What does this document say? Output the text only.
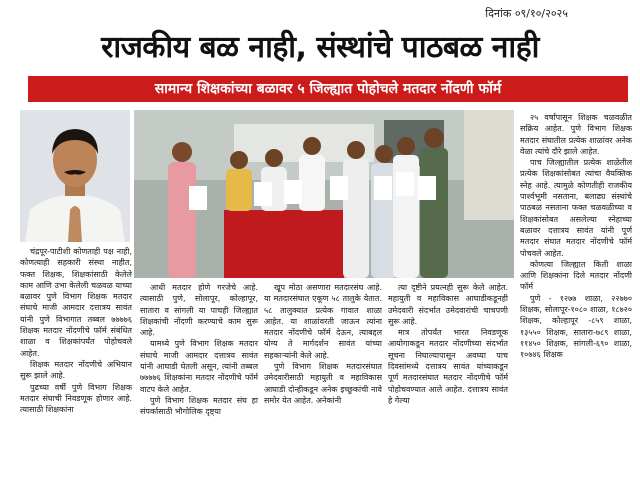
दिनांक ०९/१०/२०२५
राजकीय बळ नाही, संस्थांचे पाठबळ नाही
सामान्य शिक्षकांच्या बळावर ५ जिल्ह्यात पोहोचले मतदार नोंदणी फॉर्म

चंद्रपूर-पाटीशी कोणताही पक्ष नाही, कोणत्याही सहकारी संस्था नाहीत, फक्त शिक्षक, शिक्षकांसाठी केलेले काम आणि उभा केलेली चळवळ याच्या बळावर पुणे विभाग शिक्षक मतदार संघाचे माजी आमदार दत्तात्रय सावंत यांनी पुणे विभागात तब्बल ७७७७६ शिक्षक मतदार नोंदणीचे फॉर्म संबंधित शाळा व शिक्षकांपर्यंत पोहोचवले आहेत.

शिक्षक मतदार नोंदणीचे अभियान सुरू झाले आहे.

पुढच्या वर्षी पुणे विभाग शिक्षक मतदार संघाची निवडणूक होणार आहे. त्यासाठी शिक्षकांना

आधी मतदार होणे गरजेचे आहे. त्यासाठी पुणे, सोलापूर, कोल्हापूर, सातारा व सांगली या पाचही जिल्ह्यात शिक्षकांची नोंदणी करण्याचे काम सुरू आहे.

यामध्ये पुणे विभाग शिक्षक मतदार संघाचे माजी आमदार दत्तात्रय सावंत यांनी आघाडी घेतली असून, त्यांनी तब्बल ७७७७६ शिक्षकांना मतदार नोंदणीचे फॉर्म वाटप केले आहेत.

पुणे विभाग शिक्षक मतदार संघ हा संपर्कासाठी भौगोलिक दृष्ट्या

खूप मोठा असणारा मतदारसंघ आहे. या मतदारसंघात एकूण ५८ तालुके येतात. ५८ तालुक्यात प्रत्येक गावात शाळा आहेत. या शाळांवरती जाऊन त्यांना मतदार नोंदणीचे फॉर्म देऊन, त्याबद्दल योग्य ते मार्गदर्शन सावंत यांच्या सहकाऱ्यांनी केले आहे.

पुणे विभाग शिक्षक मतदारसंघात उमेदवारीसाठी महायुती व महाविकास आघाडी दोन्हीकडून अनेक इच्छुकांची नावे समोर येत आहेत. अनेकांनी

त्या दृष्टीने प्रयत्नही सुरू केले आहेत. महायुती व महाविकास आघाडीकडूनही उमेदवारी संदर्भात उमेदवारांची चाचपणी सुरू आहे.

मात्र तोपर्यंत भारत निवडणूक आयोगाकडून मतदार नोंदणीच्या संदर्भात सूचना निघाल्यापासून अवघ्या पाच दिवसांमध्ये दत्तात्रय सावंत यांच्याकडून पूर्ण मतदारसंघात मतदार नोंदणीचे फॉर्म पोहोचवण्यात आले आहेत. दत्तात्रय सावंत हे गेल्या

२५ वर्षांपासून शिक्षक चळवळीत सक्रिय आहेत. पुणे विभाग शिक्षक मतदार संघातील प्रत्येक शाळांवर अनेक वेळा त्यांचे दौरे झाले आहेत.

पाच जिल्ह्यातील प्रत्येक शाळेतील प्रत्येक शिक्षकांसोबत त्यांचा वैयक्तिक स्नेह आहे. त्यामुळे कोणतीही राजकीय पार्श्वभूमी नसताना, बलाढ्य संस्थांचे पाठबळ नसताना फक्त चळवळीच्या व शिक्षकांसोबत असलेल्या स्नेहाच्या बळावर दत्तात्रय सावंत यांनी पूर्ण मतदार संघात मतदार नोंदणीचे फॉर्म पोचवले आहेत.

कोणत्या जिल्ह्यात किती शाळा आणि शिक्षकांना दिले मतदार नोंदणी फॉर्म

पुणे - १२७७ शाळा, २२७७० शिक्षक, सोलापूर-१०८० शाळा, १८७२० शिक्षक, कोल्हापूर -८५९ शाळा, १३५५० शिक्षक, सातारा-७८९ शाळा, ११४५० शिक्षक, सांगली-६९० शाळा, १०७४६ शिक्षक
